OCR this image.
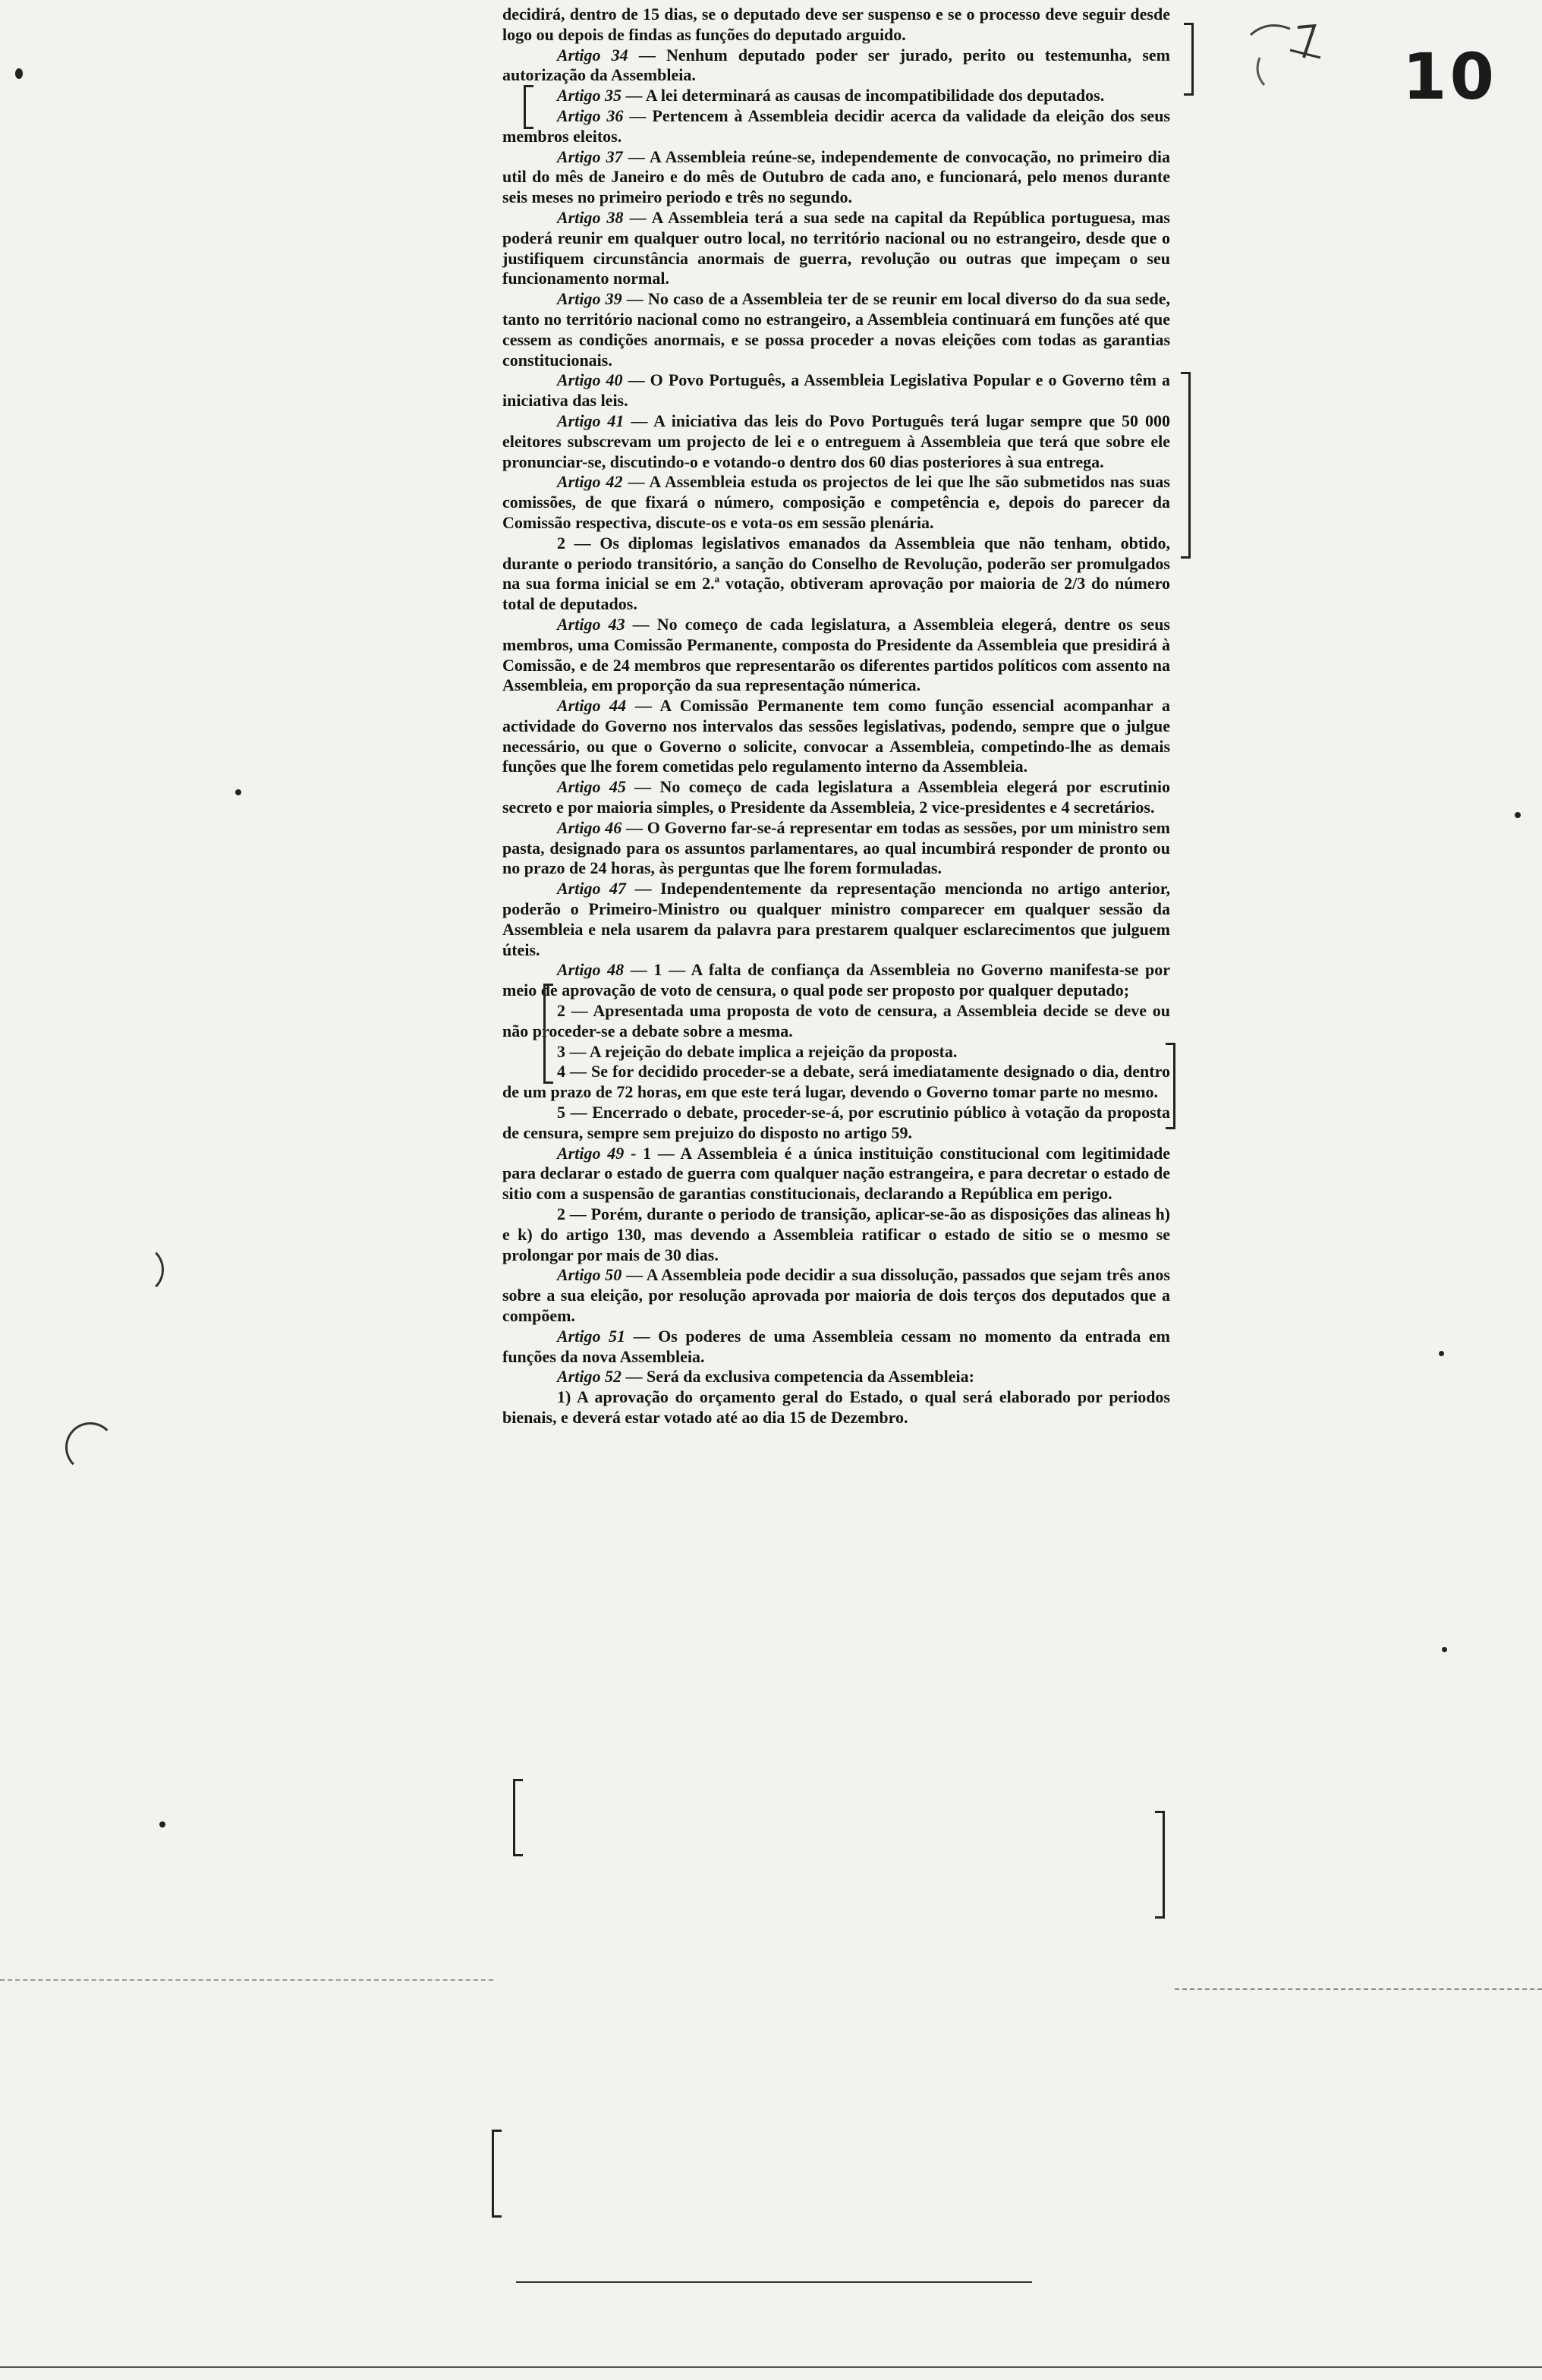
10

decidirá, dentro de 15 dias, se o deputado deve ser suspenso e se o processo deve seguir desde logo ou depois de findas as funções do deputado arguido.

Artigo 34 — Nenhum deputado poder ser jurado, perito ou testemunha, sem autorização da Assembleia.

Artigo 35 — A lei determinará as causas de incompatibilidade dos deputados.

Artigo 36 — Pertencem à Assembleia decidir acerca da validade da eleição dos seus membros eleitos.

Artigo 37 — A Assembleia reúne-se, independemente de convocação, no primeiro dia util do mês de Janeiro e do mês de Outubro de cada ano, e funcionará, pelo menos durante seis meses no primeiro periodo e três no segundo.

Artigo 38 — A Assembleia terá a sua sede na capital da República portuguesa, mas poderá reunir em qualquer outro local, no território nacional ou no estrangeiro, desde que o justifiquem circunstância anormais de guerra, revolução ou outras que impeçam o seu funcionamento normal.

Artigo 39 — No caso de a Assembleia ter de se reunir em local diverso do da sua sede, tanto no território nacional como no estrangeiro, a Assembleia continuará em funções até que cessem as condições anormais, e se possa proceder a novas eleições com todas as garantias constitucionais.

Artigo 40 — O Povo Português, a Assembleia Legislativa Popular e o Governo têm a iniciativa das leis.

Artigo 41 — A iniciativa das leis do Povo Português terá lugar sempre que 50 000 eleitores subscrevam um projecto de lei e o entreguem à Assembleia que terá que sobre ele pronunciar-se, discutindo-o e votando-o dentro dos 60 dias posteriores à sua entrega.

Artigo 42 — A Assembleia estuda os projectos de lei que lhe são submetidos nas suas comissões, de que fixará o número, composição e competência e, depois do parecer da Comissão respectiva, discute-os e vota-os em sessão plenária.

2 — Os diplomas legislativos emanados da Assembleia que não tenham, obtido, durante o periodo transitório, a sanção do Conselho de Revolução, poderão ser promulgados na sua forma inicial se em 2.ª votação, obtiveram aprovação por maioria de 2/3 do número total de deputados.

Artigo 43 — No começo de cada legislatura, a Assembleia elegerá, dentre os seus membros, uma Comissão Permanente, composta do Presidente da Assembleia que presidirá à Comissão, e de 24 membros que representarão os diferentes partidos políticos com assento na Assembleia, em proporção da sua representação númerica.

Artigo 44 — A Comissão Permanente tem como função essencial acompanhar a actividade do Governo nos intervalos das sessões legislativas, podendo, sempre que o julgue necessário, ou que o Governo o solicite, convocar a Assembleia, competindo-lhe as demais funções que lhe forem cometidas pelo regulamento interno da Assembleia.

Artigo 45 — No começo de cada legislatura a Assembleia elegerá por escrutinio secreto e por maioria simples, o Presidente da Assembleia, 2 vice-presidentes e 4 secretários.

Artigo 46 — O Governo far-se-á representar em todas as sessões, por um ministro sem pasta, designado para os assuntos parlamentares, ao qual incumbirá responder de pronto ou no prazo de 24 horas, às perguntas que lhe forem formuladas.

Artigo 47 — Independentemente da representação mencionda no artigo anterior, poderão o Primeiro-Ministro ou qualquer ministro comparecer em qualquer sessão da Assembleia e nela usarem da palavra para prestarem qualquer esclarecimentos que julguem úteis.

Artigo 48 — 1 — A falta de confiança da Assembleia no Governo manifesta-se por meio de aprovação de voto de censura, o qual pode ser proposto por qualquer deputado;

2 — Apresentada uma proposta de voto de censura, a Assembleia decide se deve ou não proceder-se a debate sobre a mesma.

3 — A rejeição do debate implica a rejeição da proposta.

4 — Se for decidido proceder-se a debate, será imediatamente designado o dia, dentro de um prazo de 72 horas, em que este terá lugar, devendo o Governo tomar parte no mesmo.

5 — Encerrado o debate, proceder-se-á, por escrutinio público à votação da proposta de censura, sempre sem prejuizo do disposto no artigo 59.

Artigo 49 - 1 — A Assembleia é a única instituição constitucional com legitimidade para declarar o estado de guerra com qualquer nação estrangeira, e para decretar o estado de sitio com a suspensão de garantias constitucionais, declarando a República em perigo.

2 — Porém, durante o periodo de transição, aplicar-se-ão as disposições das alineas h) e k) do artigo 130, mas devendo a Assembleia ratificar o estado de sitio se o mesmo se prolongar por mais de 30 dias.

Artigo 50 — A Assembleia pode decidir a sua dissolução, passados que sejam três anos sobre a sua eleição, por resolução aprovada por maioria de dois terços dos deputados que a compõem.

Artigo 51 — Os poderes de uma Assembleia cessam no momento da entrada em funções da nova Assembleia.

Artigo 52 — Será da exclusiva competencia da Assembleia:

1) A aprovação do orçamento geral do Estado, o qual será elaborado por periodos bienais, e deverá estar votado até ao dia 15 de Dezembro.
